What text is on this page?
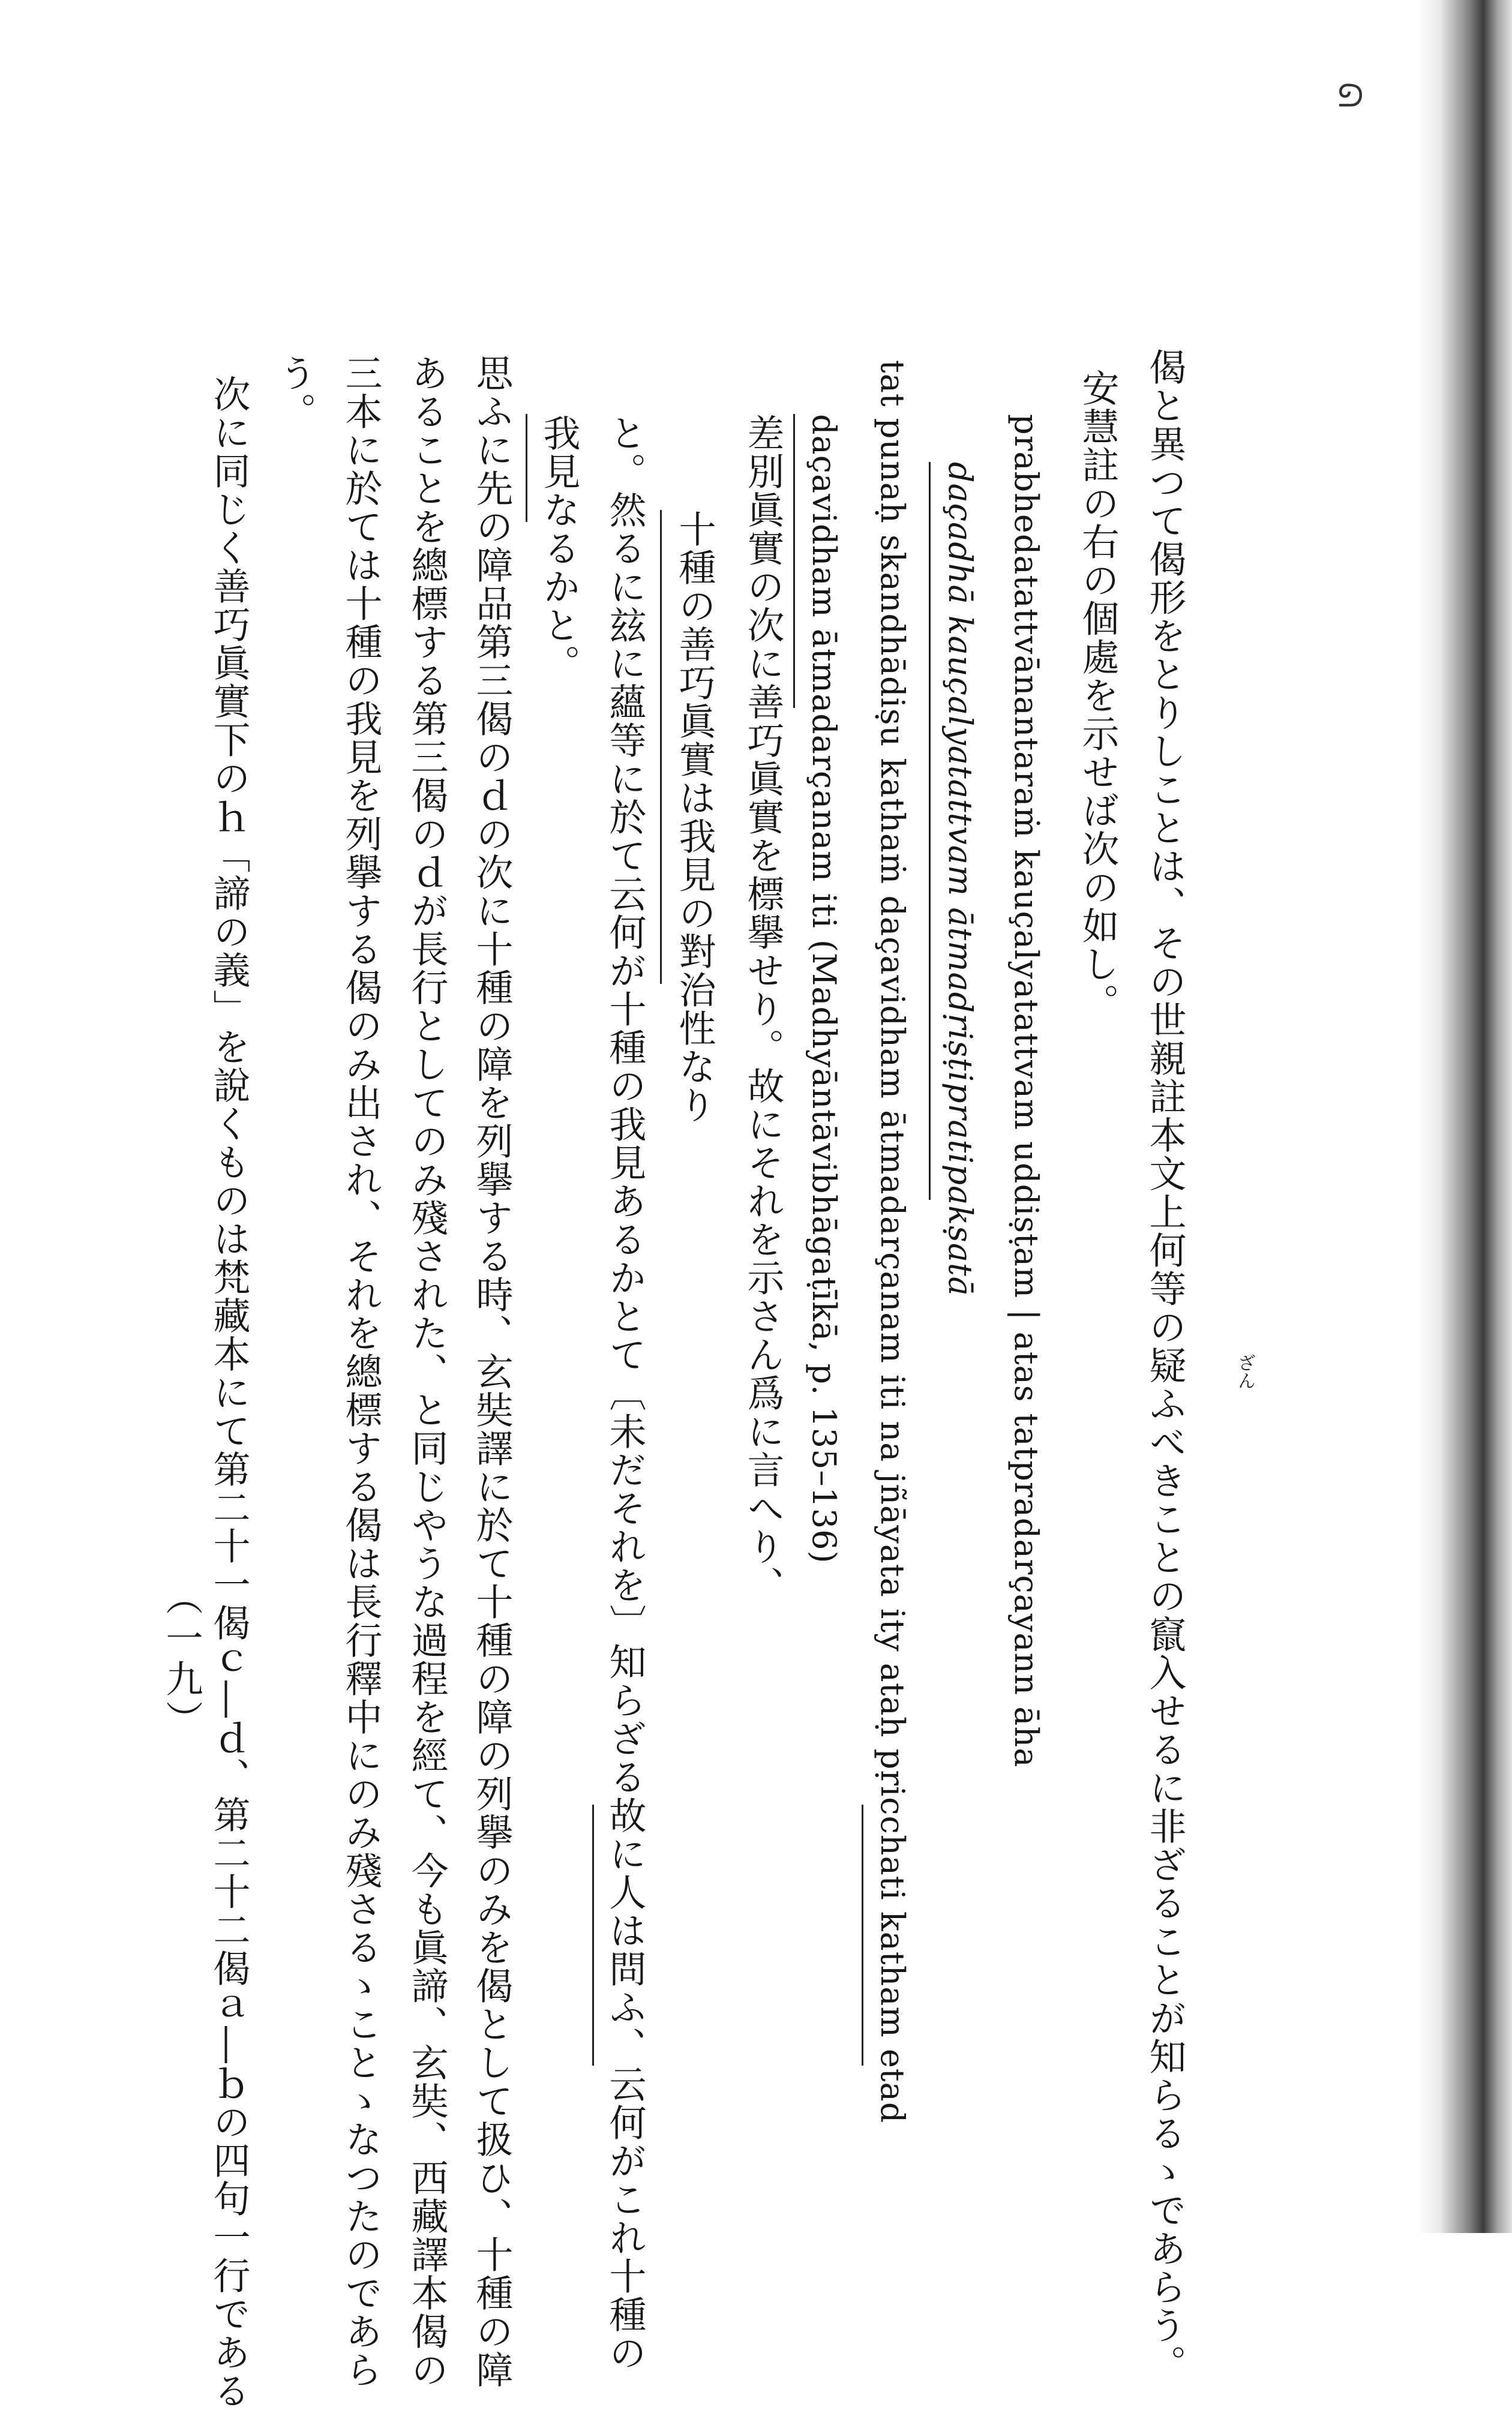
ᘏ
偈と異つて偈形をとりしことは、その世親註本文上何等の疑ふべきことの竄入せるに非ざることが知らるゝであらう。	ざん
安慧註の右の個處を示せば次の如し。
prabhedatattvānantaraṁ kauçalyatattvam uddiṣṭam | atas tatpradarçayann āha
daçadhā kauçalyatattvam ātmadṛiṣṭipratipakṣatā
tat punaḥ skandhādiṣu kathaṁ daçavidham ātmadarçanam iti na jñāyata ity ataḥ pṛicchati katham etad
daçavidham ātmadarçanam iti (Madhyāntāvibhāgaṭīkā, p. 135–136)
差別眞實の次に善巧眞實を標擧せり。故にそれを示さん爲に言へり、
十種の善巧眞實は我見の對治性なり
と。然るに玆に蘊等に於て云何が十種の我見あるかとて〔未だそれを〕知らざる故に人は問ふ、云何がこれ十種の
我見なるかと。
思ふに先の障品第三偈のｄの次に十種の障を列擧する時、玄奘譯に於て十種の障の列擧のみを偈として扱ひ、十種の障
あることを總標する第三偈のｄが長行としてのみ殘された、と同じやうな過程を經て、今も眞諦、玄奘、西藏譯本偈の
三本に於ては十種の我見を列擧する偈のみ出され、それを總標する偈は長行釋中にのみ殘さるゝことゝなつたのであら
う。
次に同じく善巧眞實下のｈ「諦の義」を說くものは梵藏本にて第二十一偈ｃ―ｄ、第二十二偈ａ―ｂの四句一行である
（一九）
